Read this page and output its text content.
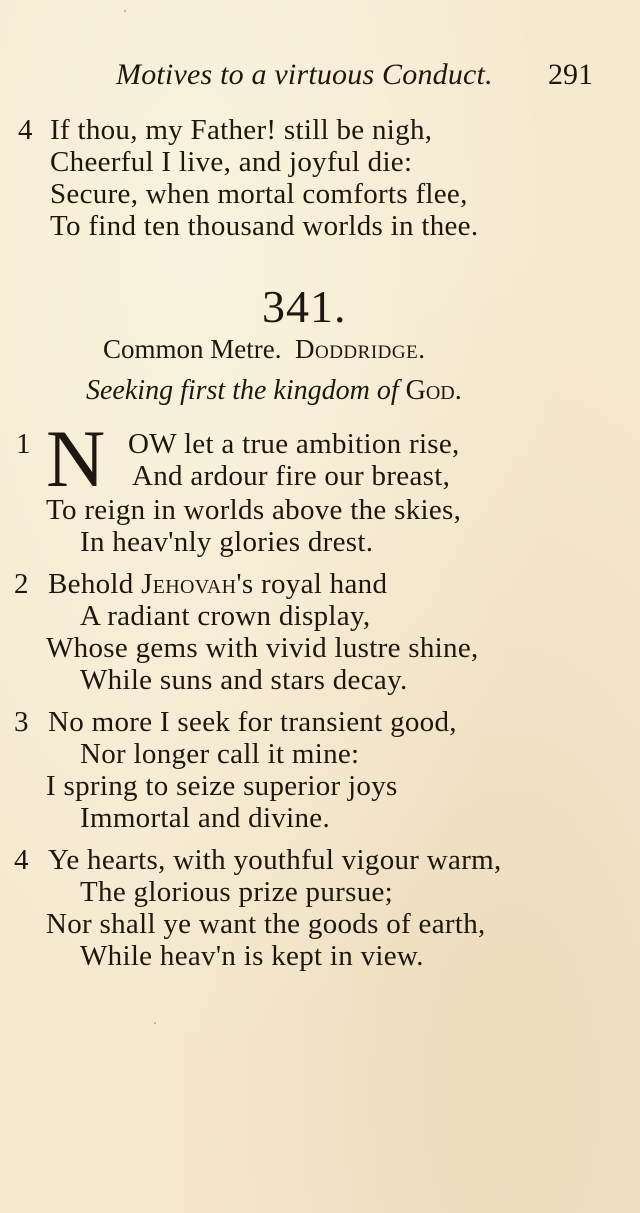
Motives to a virtuous Conduct. 291
4 If thou, my Father! still be nigh,
Cheerful I live, and joyful die:
Secure, when mortal comforts flee,
To find ten thousand worlds in thee.
341.
Common Metre. Doddridge.
Seeking first the kingdom of God.
1 N OW let a true ambition rise,
And ardour fire our breast,
To reign in worlds above the skies,
In heav'nly glories drest.
2 Behold Jehovah's royal hand
A radiant crown display,
Whose gems with vivid lustre shine,
While suns and stars decay.
3 No more I seek for transient good,
Nor longer call it mine:
I spring to seize superior joys
Immortal and divine.
4 Ye hearts, with youthful vigour warm,
The glorious prize pursue;
Nor shall ye want the goods of earth,
While heav'n is kept in view.
